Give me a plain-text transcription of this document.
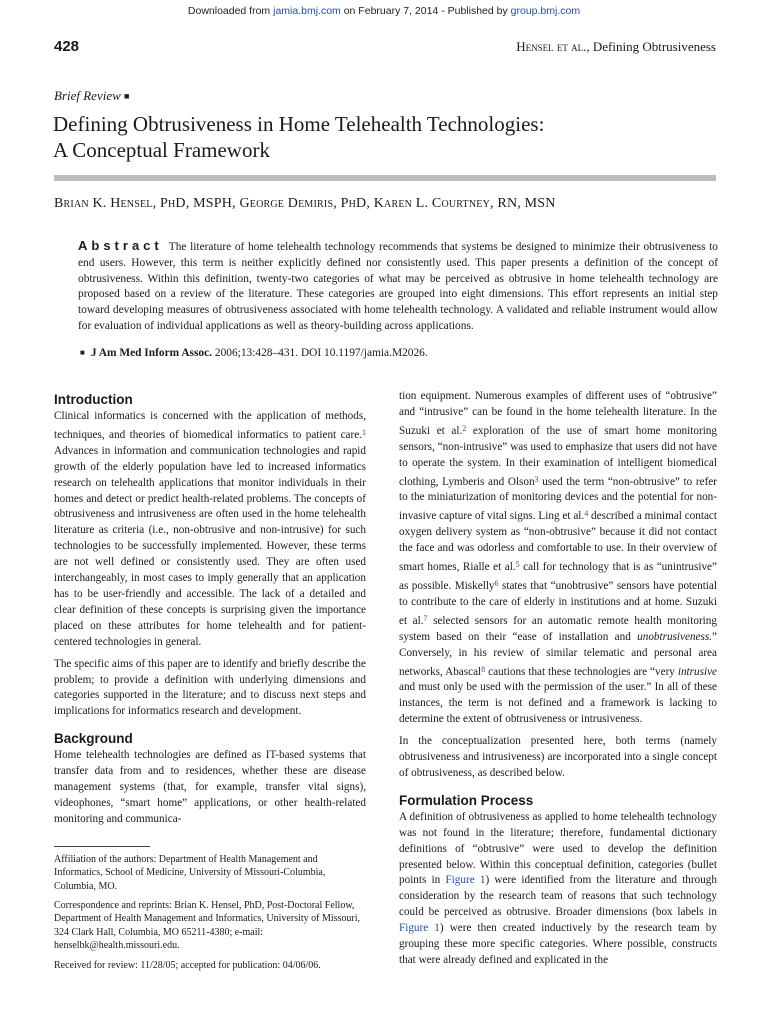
Downloaded from jamia.bmj.com on February 7, 2014 - Published by group.bmj.com
428	Hensel et al., Defining Obtrusiveness
Brief Review ■
Defining Obtrusiveness in Home Telehealth Technologies:
A Conceptual Framework
Brian K. Hensel, PhD, MSPH, George Demiris, PhD, Karen L. Courtney, RN, MSN

Abstract The literature of home telehealth technology recommends that systems be designed to minimize their obtrusiveness to end users. However, this term is neither explicitly defined nor consistently used. This paper presents a definition of the concept of obtrusiveness. Within this definition, twenty-two categories of what may be perceived as obtrusive in home telehealth technology are proposed based on a review of the literature. These categories are grouped into eight dimensions. This effort represents an initial step toward developing measures of obtrusiveness associated with home telehealth technology. A validated and reliable instrument would allow for evaluation of individual applications as well as theory-building across applications.

■ J Am Med Inform Assoc. 2006;13:428–431. DOI 10.1197/jamia.M2026.
Introduction

Clinical informatics is concerned with the application of methods, techniques, and theories of biomedical informatics to patient care.$^1$ Advances in information and communication technologies and rapid growth of the elderly population have led to increased informatics research on telehealth applications that monitor individuals in their homes and detect or predict health-related problems. The concepts of obtrusiveness and intrusiveness are often used in the home telehealth literature as criteria (i.e., non-obtrusive and non-intrusive) for such technologies to be successfully implemented. However, these terms are not well defined or consistently used. They are often used interchangeably, in most cases to imply generally that an application has to be user-friendly and accessible. The lack of a detailed and clear definition of these concepts is surprising given the importance placed on these attributes for home telehealth and for patient-centered technologies in general.

The specific aims of this paper are to identify and briefly describe the problem; to provide a definition with underlying dimensions and categories supported in the literature; and to discuss next steps and implications for informatics research and development.

Background

Home telehealth technologies are defined as IT-based systems that transfer data from and to residences, whether these are disease management systems (that, for example, transfer vital signs), videophones, “smart home” applications, or other health-related monitoring and communica-

Affiliation of the authors: Department of Health Management and Informatics, School of Medicine, University of Missouri-Columbia, Columbia, MO.

Correspondence and reprints: Brian K. Hensel, PhD, Post-Doctoral Fellow, Department of Health Management and Informatics, University of Missouri, 324 Clark Hall, Columbia, MO 65211-4380; e-mail: henselbk@health.missouri.edu.

Received for review: 11/28/05; accepted for publication: 04/06/06.

tion equipment. Numerous examples of different uses of “obtrusive” and “intrusive” can be found in the home telehealth literature. In the Suzuki et al.$^2$ exploration of the use of smart home monitoring sensors, “non-intrusive” was used to emphasize that users did not have to operate the system. In their examination of intelligent biomedical clothing, Lymberis and Olson$^3$ used the term “non-obtrusive” to refer to the miniaturization of monitoring devices and the potential for non-invasive capture of vital signs. Ling et al.$^4$ described a minimal contact oxygen delivery system as “non-obtrusive” because it did not contact the face and was odorless and comfortable to use. In their overview of smart homes, Rialle et al.$^5$ call for technology that is as “unintrusive” as possible. Miskelly$^6$ states that “unobtrusive” sensors have potential to contribute to the care of elderly in institutions and at home. Suzuki et al.$^7$ selected sensors for an automatic remote health monitoring system based on their “ease of installation and unobtrusiveness.” Conversely, in his review of similar telematic and personal area networks, Abascal$^8$ cautions that these technologies are “very intrusive and must only be used with the permission of the user.” In all of these instances, the term is not defined and a framework is lacking to determine the extent of obtrusiveness or intrusiveness.

In the conceptualization presented here, both terms (namely obtrusiveness and intrusiveness) are incorporated into a single concept of obtrusiveness, as described below.

Formulation Process

A definition of obtrusiveness as applied to home telehealth technology was not found in the literature; therefore, fundamental dictionary definitions of “obtrusive” were used to develop the definition presented below. Within this conceptual definition, categories (bullet points in Figure 1) were identified from the literature and through consideration by the research team of reasons that such technology could be perceived as obtrusive. Broader dimensions (box labels in Figure 1) were then created inductively by the research team by grouping these more specific categories. Where possible, constructs that were already defined and explicated in the
